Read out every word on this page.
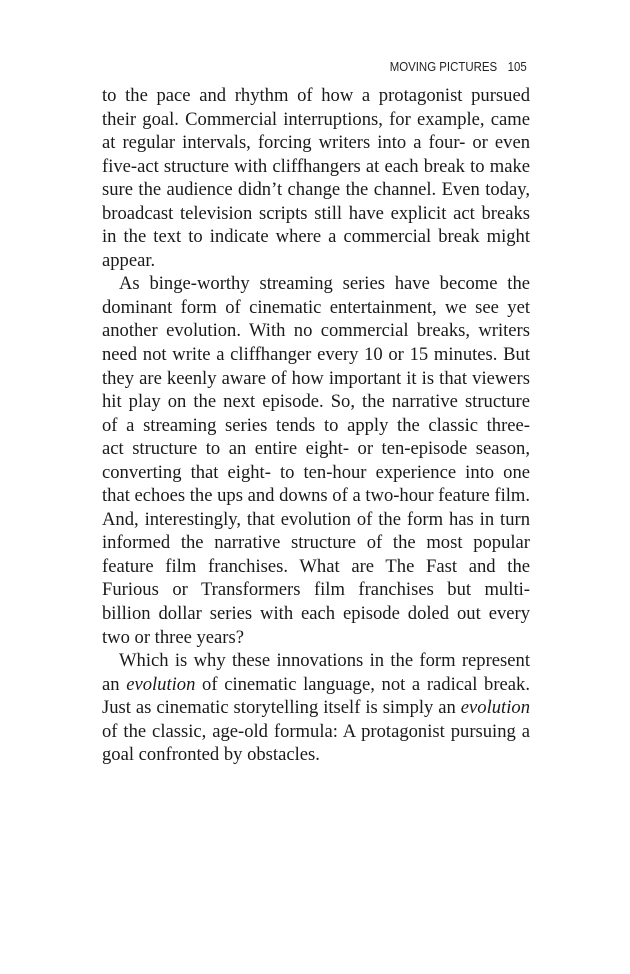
MOVING PICTURES 105
to the pace and rhythm of how a protagonist pursued
their goal. Commercial interruptions, for example, came
at regular intervals, forcing writers into a four- or even
five-act structure with cliffhangers at each break to make
sure the audience didn’t change the channel. Even today,
broadcast television scripts still have explicit act breaks
in the text to indicate where a commercial break might
appear.
As binge-worthy streaming series have become the
dominant form of cinematic entertainment, we see yet
another evolution. With no commercial breaks, writers
need not write a cliffhanger every 10 or 15 minutes. But
they are keenly aware of how important it is that viewers
hit play on the next episode. So, the narrative structure
of a streaming series tends to apply the classic three-
act structure to an entire eight- or ten-episode season,
converting that eight- to ten-hour experience into one
that echoes the ups and downs of a two-hour feature film.
And, interestingly, that evolution of the form has in turn
informed the narrative structure of the most popular
feature film franchises. What are The Fast and the
Furious or Transformers film franchises but multi-
billion dollar series with each episode doled out every
two or three years?
Which is why these innovations in the form represent
an evolution of cinematic language, not a radical break.
Just as cinematic storytelling itself is simply an evolution
of the classic, age-old formula: A protagonist pursuing a
goal confronted by obstacles.
